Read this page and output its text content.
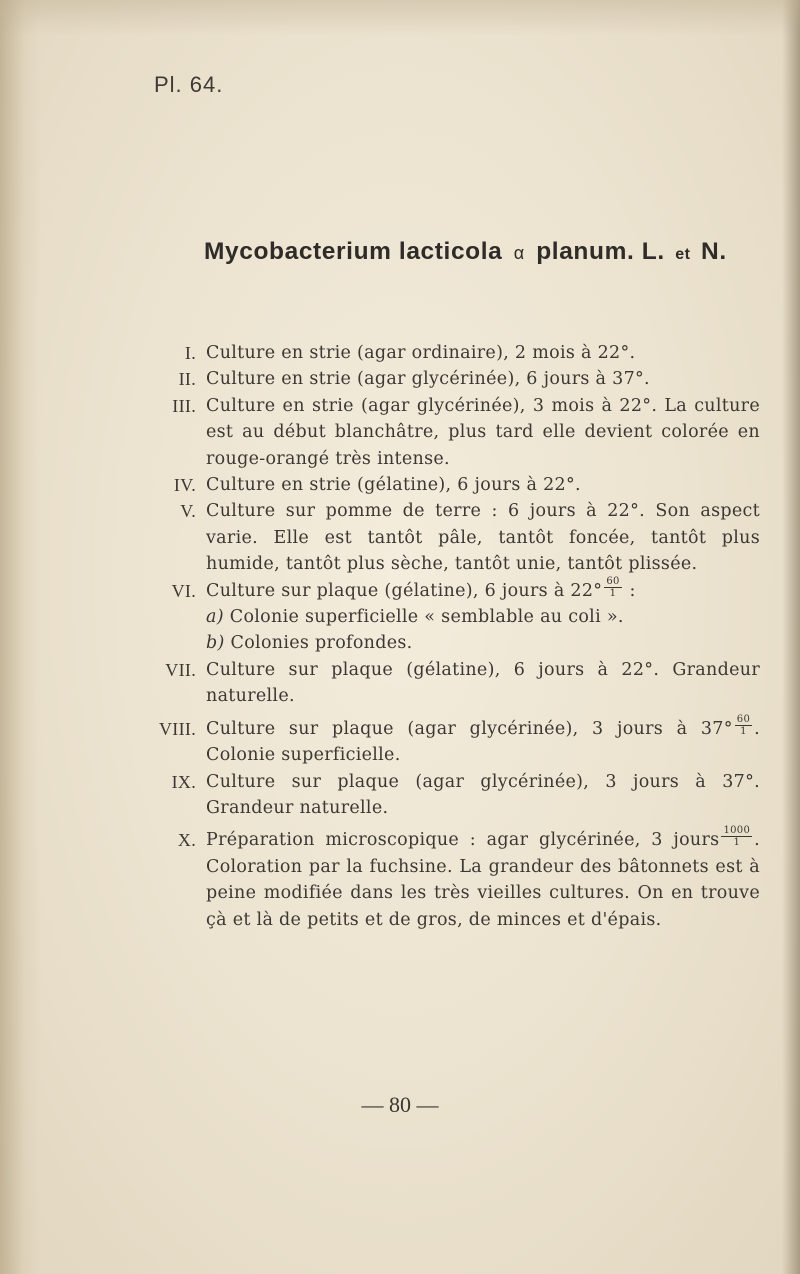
Pl. 64.
Mycobacterium lacticola α planum. L. et N.
I . Culture en strie (agar ordinaire), 2 mois à 22°.
II . Culture en strie (agar glycérinée), 6 jours à 37°.
III . Culture en strie (agar glycérinée), 3 mois à 22°. La culture est au début blanchâtre, plus tard elle devient colorée en rouge-orangé très intense.
IV . Culture en strie (gélatine), 6 jours à 22°.
V . Culture sur pomme de terre : 6 jours à 22°. Son aspect varie. Elle est tantôt pâle, tantôt foncée, tantôt plus humide, tantôt plus sèche, tantôt unie, tantôt plissée.
VI . Culture sur plaque (gélatine), 6 jours à $22^\circ \frac{60}{1}$ :
a) Colonie superficielle « semblable au coli ».
b) Colonies profondes.
VII . Culture sur plaque (gélatine), 6 jours à 22°. Grandeur naturelle.
VIII . Culture sur plaque (agar glycérinée), 3 jours à $37^\circ \frac{60}{1}$ . Colonie superficielle.
IX . Culture sur plaque (agar glycérinée), 3 jours à 37°. Grandeur naturelle.
X . Préparation microscopique : agar glycérinée, 3 jours $\frac{1000}{1}$ . Coloration par la fuchsine. La grandeur des bâtonnets est à peine modifiée dans les très vieilles cultures. On en trouve çà et là de petits et de gros, de minces et d'épais.
— 80 —
